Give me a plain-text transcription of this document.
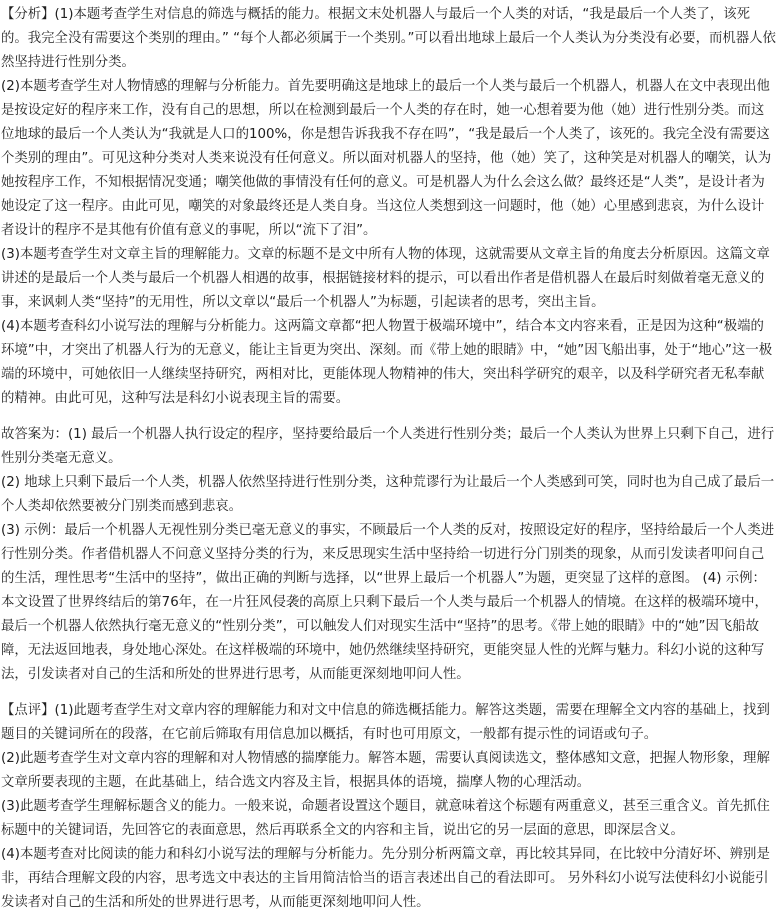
【分析】(1)本题考查学生对信息的筛选与概括的能力。根据文末处机器人与最后一个人类的对话，“我是最后一个人类了，该死的。我完全没有需要这个类别的理由。” “每个人都必须属于一个类别。”可以看出地球上最后一个人类认为分类没有必要，而机器人依然坚持进行性别分类。

(2)本题考查学生对人物情感的理解与分析能力。首先要明确这是地球上的最后一个人类与最后一个机器人，机器人在文中表现出他是按设定好的程序来工作，没有自己的思想，所以在检测到最后一个人类的存在时，她一心想着要为他（她）进行性别分类。而这位地球的最后一个人类认为“我就是人口的100%，你是想告诉我我不存在吗”，“我是最后一个人类了，该死的。我完全没有需要这个类别的理由”。可见这种分类对人类来说没有任何意义。所以面对机器人的坚持，他（她）笑了，这种笑是对机器人的嘲笑，认为她按程序工作，不知根据情况变通；嘲笑他做的事情没有任何的意义。可是机器人为什么会这么做？最终还是“人类”，是设计者为她设定了这一程序。由此可见，嘲笑的对象最终还是人类自身。当这位人类想到这一问题时，他（她）心里感到悲哀，为什么设计者设计的程序不是其他有价值有意义的事呢，所以“流下了泪”。

(3)本题考查学生对文章主旨的理解能力。文章的标题不是文中所有人物的体现，这就需要从文章主旨的角度去分析原因。这篇文章讲述的是最后一个人类与最后一个机器人相遇的故事，根据链接材料的提示，可以看出作者是借机器人在最后时刻做着毫无意义的事，来讽刺人类“坚持”的无用性，所以文章以“最后一个机器人”为标题，引起读者的思考，突出主旨。

(4)本题考查科幻小说写法的理解与分析能力。这两篇文章都“把人物置于极端环境中”，结合本文内容来看，正是因为这种“极端的环境”中，才突出了机器人行为的无意义，能让主旨更为突出、深刻。而《带上她的眼睛》中，“她”因飞船出事，处于“地心”这一极端的环境中，可她依旧一人继续坚持研究，两相对比，更能体现人物精神的伟大，突出科学研究的艰辛，以及科学研究者无私奉献的精神。由此可见，这种写法是科幻小说表现主旨的需要。

故答案为：(1) 最后一个机器人执行设定的程序，坚持要给最后一个人类进行性别分类；最后一个人类认为世界上只剩下自己，进行性别分类毫无意义。

(2) 地球上只剩下最后一个人类，机器人依然坚持进行性别分类，这种荒谬行为让最后一个人类感到可笑，同时也为自己成了最后一个人类却依然要被分门别类而感到悲哀。

(3) 示例：最后一个机器人无视性别分类已毫无意义的事实，不顾最后一个人类的反对，按照设定好的程序，坚持给最后一个人类进行性别分类。作者借机器人不问意义坚持分类的行为，来反思现实生活中坚持给一切进行分门别类的现象，从而引发读者叩问自己的生活，理性思考“生活中的坚持”，做出正确的判断与选择，以“世界上最后一个机器人”为题，更突显了这样的意图。 (4) 示例：本文设置了世界终结后的第76年，在一片狂风侵袭的高原上只剩下最后一个人类与最后一个机器人的情境。在这样的极端环境中，最后一个机器人依然执行毫无意义的“性别分类”，可以触发人们对现实生活中“坚持”的思考。《带上她的眼睛》中的“她”因飞船故障，无法返回地表，身处地心深处。在这样极端的环境中，她仍然继续坚持研究，更能突显人性的光辉与魅力。科幻小说的这种写法，引发读者对自己的生活和所处的世界进行思考，从而能更深刻地叩问人性。

【点评】(1)此题考查学生对文章内容的理解能力和对文中信息的筛选概括能力。解答这类题，需要在理解全文内容的基础上，找到题目的关键词所在的段落，在它前后筛取有用信息加以概括，有时也可用原文，一般都有提示性的词语或句子。

(2)此题考查学生对文章内容的理解和对人物情感的揣摩能力。解答本题，需要认真阅读选文，整体感知文意，把握人物形象，理解文章所要表现的主题，在此基础上，结合选文内容及主旨，根据具体的语境，揣摩人物的心理活动。

(3)此题考查学生理解标题含义的能力。一般来说，命题者设置这个题目，就意味着这个标题有两重意义，甚至三重含义。首先抓住标题中的关键词语，先回答它的表面意思，然后再联系全文的内容和主旨，说出它的另一层面的意思，即深层含义。

(4)本题考查对比阅读的能力和科幻小说写法的理解与分析能力。先分别分析两篇文章，再比较其异同，在比较中分清好坏、辨别是非，再结合理解文段的内容，思考选文中表达的主旨用简洁恰当的语言表述出自己的看法即可。 另外科幻小说写法使科幻小说能引发读者对自己的生活和所处的世界进行思考，从而能更深刻地叩问人性。
